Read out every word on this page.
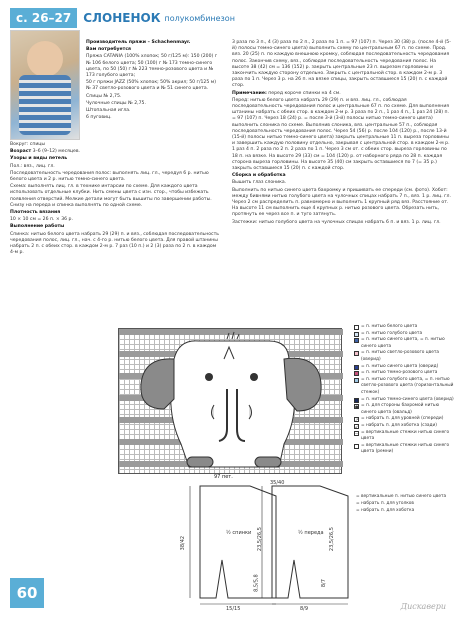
с. 26–27	СЛОНЕНОК полукомбинезон

Производитель пряжи – Schachenmayr.

Вам потребуется

Пряжа CATANIA (100% хлопок; 50 г/125 м): 150 (200) г № 106 белого цвета; 50 (100) г № 173 темно-синего цвета, по 50 (50) г № 223 темно-розового цвета и № 173 голубого цвета;

50 г пряжи JAZZ (50% хлопок; 50% акрил; 50 г/125 м) № 37 светло-розового цвета и № 51 синего цвета.

Спицы № 2,75.

Чулочные спицы № 2,75.

Штопальная игла.

6 пуговиц.

Вокруг: спицы

Возраст 3–6 (9–12) месяцев.

Узоры и виды петель

Пол.: вяз., лиц. гл.

Последовательность чередования полос: выполнять лиц. гл., чередуя 6 р. нитью белого цвета и 2 р. нитью темно-синего цвета.

Схема: выполнять лиц. гл. в технике интарсии по схеме. Для каждого цвета использовать отдельные клубки. Нить смены цвета с изн. стор., чтобы избежать появления отверстий. Мелкие детали могут быть вышиты по завершении работы. Снизу на переда и спинка выполнять по одной схеме.

Плотность вязания

10 × 10 см = 26 п. × 36 р.

Выполнение работы

Спинка: нитью белого цвета набрать 29 (29) п. и вяз., соблюдая последовательность чередования полос, лиц. гл., нач. с 4-го р. нитью белого цвета. Для правой штанины набрать 2 п. с обеих стор. в каждом 2-м р. 7 раз (10 п.) и 2 (3) раза по 2 п. в каждом 4-м р.

3 раза по 3 п., 4 (3) раза по 2 п., 2 раза по 1 п. = 97 (107) п. Через 30 (38) р. (после 4-й (5-й) полосы темно-синего цвета) выполнить схему по центральным 67 п. по схеме. Прод. вяз. 20 (25) п. по каждую внешнюю кромку, соблюдая последовательность чередования полос. Закончив схему, вяз., соблюдая последовательность чередования полос. На высоте 38 (42) см = 136 (152) р. закрыть центральные 23 п. вырезом горловины и закончить каждую сторону отдельно. Закрыть с центральной стор. в каждом 2-м р. 3 раза по 1 п. Через 3 р. на 26 п. на вязке спицы, закрыть оставшиеся 15 (20) п. с каждой стор.

Примечание: перед короче спинки на 4 см.

Перед: нитью белого цвета набрать 29 (29) п. и вяз. лиц. гл., соблюдая последовательность чередования полос и центральные 67 п. по схеме. Для выполнения штанины набрать с обеих стор. в каждом 2-м р. 3 раза по 2 п., 1 раз 4 п., 1 раз 24 (28) п. = 97 (107) п. Через 18 (24) р. = после 3-й (3-й) полосы нитью темно-синего цвета) выполнить слоника по схеме. Выполнив слоника, вяз. центральные 57 п., соблюдая последовательность чередования полос. Через 54 (56) р. после 104 (120) р., после 13-й (15-й) полосы нитью темно-синего цвета) закрыть центральные 11 п. выреза горловины и завершить каждую половину отдельно, закрывая с центральной стор. в каждом 2-м р. 1 раз 4 п. 2 раза по 2 п. 2 раза по 1 п. Через 3 см от. с обеих стор. выреза горловины по 18 п. на вязке. На высоте 29 (33) см = 104 (120) р. от наборного ряда по 28 п. каждая сторона выреза горловины. На высоте 35 (40) см закрыть оставшиеся по 7 (= 35 р.) закрыть оставшиеся 15 (20) п. с каждой стор.

Сборка и обработка

Вышить глаз слоника.

Выполнить по нитью синего цвета бахромку и пришивать ее спереди (см. фото). Хобот: между бивнями нитью голубого цвета на чулочных спицах набрать 7 п., вяз. 1 р. лиц. гл. Через 2 см распределить п. равномерно и выполнить 1 крупный ряд вяз. Расстояние от. На высоте 11 см выполнить еще 4 крупных р. нитью розового цвета. Обрезать нить, протянуть ее через все п. и туго затянуть.

Застежки: нитью голубого цвета на чулочных спицах набрать 6 п. и вяз. 1 р. лиц. гл.

97 пет.
= п. нитью белого цвета
= п. нитью голубого цвета
= п. нитью синего цвета, = п. нитью синего цвета
= п. нитью светло-розового цвета (оверид)
= п. нитью синего цвета (оверид)
= п. нитью темно-розового цвета
= п. нитью голубого цвета, = п. нитью светло-розового цвета (горизонтальный стежок)
= п. нитью темно-синего цвета (оверид)
● = п. для стороны бахромой нитью синего цвета (овальд)
↗ = набрать п. для уровней (спереди)
↙ = набрать п. для хоботка (сзади)
— = вертикальные стежки нитью синего цвета
= вертикальные стежки нитью синего цвета (ремни)
½ спинки	½ переда
38/42	23,5/26,5
8,5/5,8
15/15	8/9
35/40
23,5/26,5
8/7

= вертикальные п. нитью синего цвета

= набрать п. для уголков

= набрать п. для хоботка

60
Дискавери
